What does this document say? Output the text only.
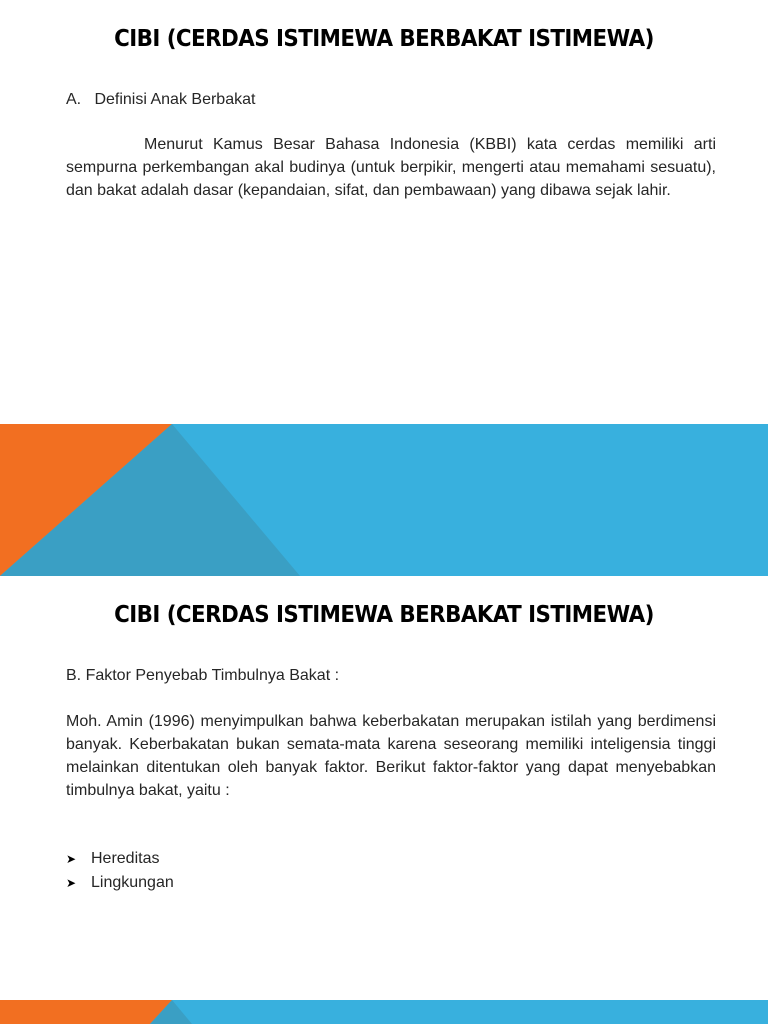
CIBI (CERDAS ISTIMEWA BERBAKAT ISTIMEWA)
A.   Definisi Anak Berbakat
Menurut Kamus Besar Bahasa Indonesia (KBBI) kata cerdas memiliki arti sempurna perkembangan akal budinya (untuk berpikir, mengerti atau memahami sesuatu), dan bakat adalah dasar (kepandaian, sifat, dan pembawaan) yang dibawa sejak lahir.
CIBI (CERDAS ISTIMEWA BERBAKAT ISTIMEWA)
B. Faktor Penyebab Timbulnya Bakat :
Moh. Amin (1996) menyimpulkan bahwa keberbakatan merupakan istilah yang berdimensi banyak. Keberbakatan bukan semata-mata karena seseorang memiliki inteligensia tinggi melainkan ditentukan oleh banyak faktor. Berikut faktor-faktor yang dapat menyebabkan timbulnya bakat, yaitu :
➤ Hereditas
➤ Lingkungan
